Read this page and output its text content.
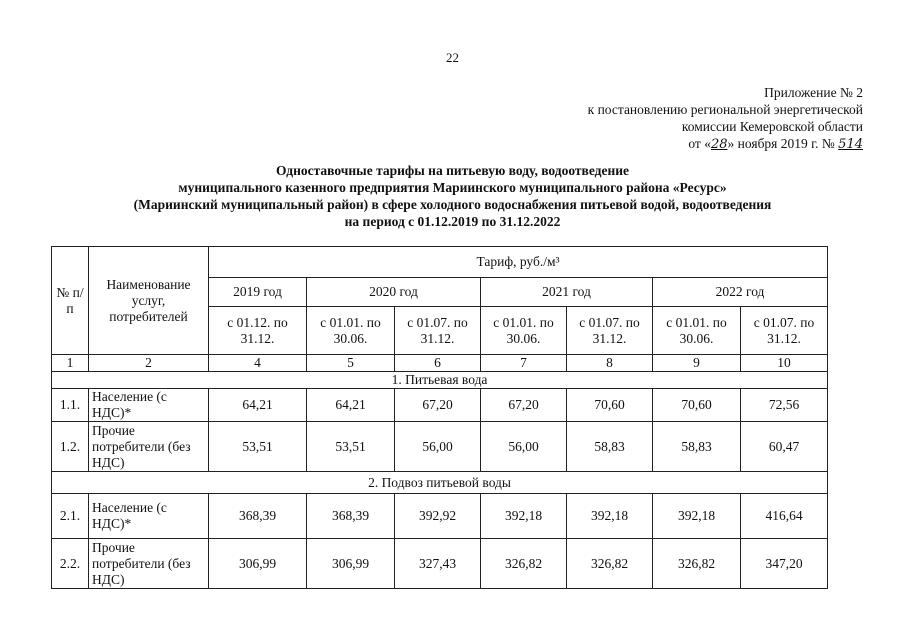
22
Приложение № 2
к постановлению региональной энергетической
комиссии Кемеровской области
от «28» ноября 2019 г. № 514
Одноставочные тарифы на питьевую воду, водоотведение
муниципального казенного предприятия Мариинского муниципального района «Ресурс»
(Мариинский муниципальный район) в сфере холодного водоснабжения питьевой водой, водоотведения
на период с 01.12.2019 по 31.12.2022
№ п/п	Наименование услуг, потребителей	Тариф, руб./м³						
		2019 год	2020 год		2021 год		2022 год	
		с 01.12. по 31.12.	с 01.01. по 30.06.	с 01.07. по 31.12.	с 01.01. по 30.06.	с 01.07. по 31.12.	с 01.01. по 30.06.	с 01.07. по 31.12.
1	2	4	5	6	7	8	9	10
1. Питьевая вода								
1.1.	Население (с НДС)*	64,21	64,21	67,20	67,20	70,60	70,60	72,56
1.2.	Прочие потребители (без НДС)	53,51	53,51	56,00	56,00	58,83	58,83	60,47
2. Подвоз питьевой воды								
2.1.	Население (с НДС)*	368,39	368,39	392,92	392,18	392,18	392,18	416,64
2.2.	Прочие потребители (без НДС)	306,99	306,99	327,43	326,82	326,82	326,82	347,20
